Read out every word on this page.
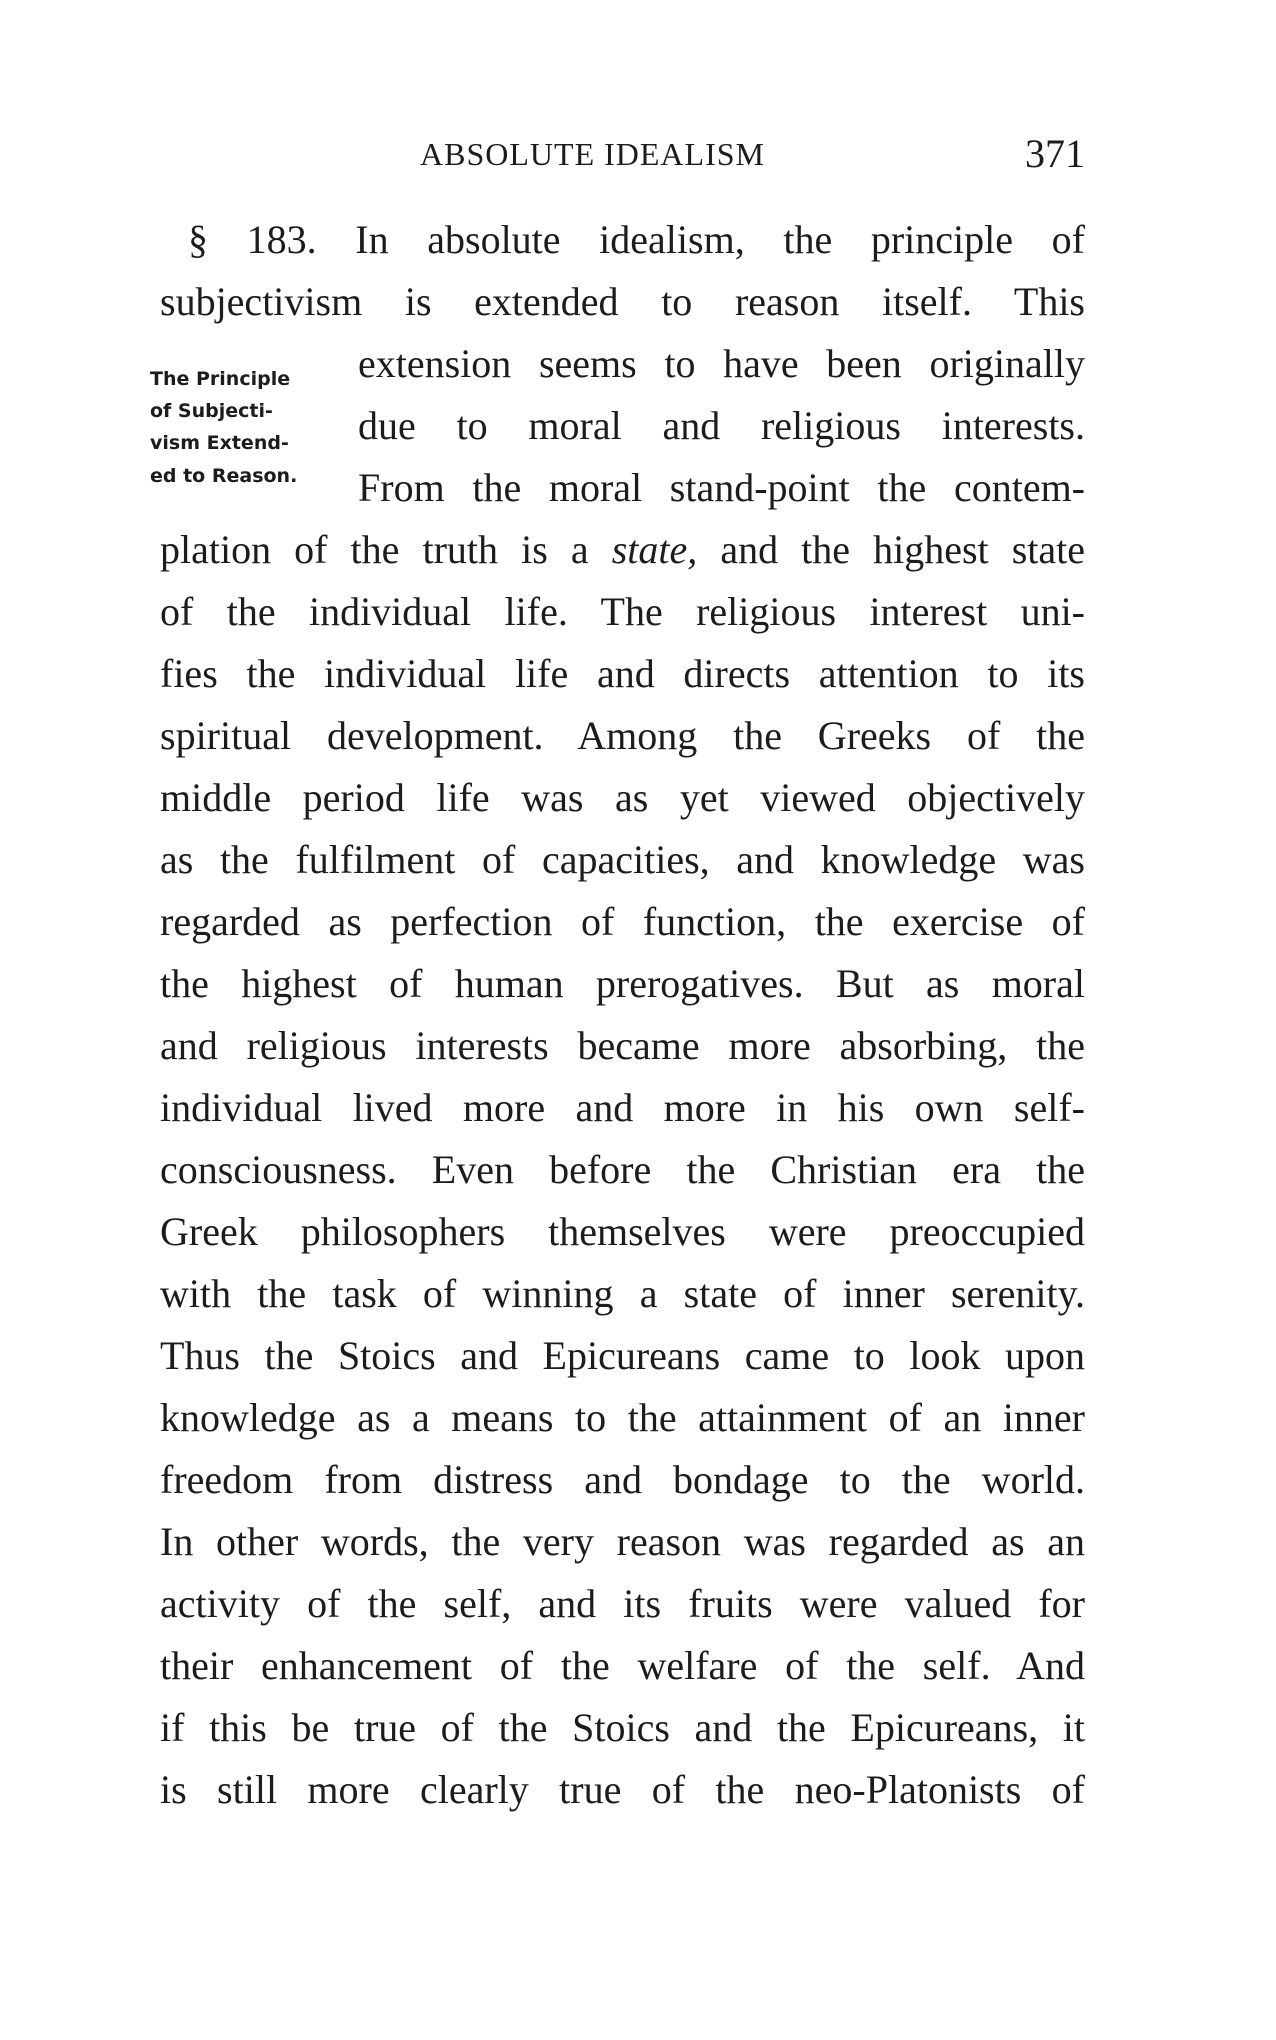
ABSOLUTE IDEALISM	371
The Principle
of Subjecti-
vism Extend-
ed to Reason.
§ 183. In absolute idealism, the principle of
subjectivism is extended to reason itself. This
extension seems to have been originally
due to moral and religious interests.
From the moral stand-point the contem-
plation of the truth is a state, and the highest state
of the individual life. The religious interest uni-
fies the individual life and directs attention to its
spiritual development. Among the Greeks of the
middle period life was as yet viewed objectively
as the fulfilment of capacities, and knowledge was
regarded as perfection of function, the exercise of
the highest of human prerogatives. But as moral
and religious interests became more absorbing, the
individual lived more and more in his own self-
consciousness. Even before the Christian era the
Greek philosophers themselves were preoccupied
with the task of winning a state of inner serenity.
Thus the Stoics and Epicureans came to look upon
knowledge as a means to the attainment of an inner
freedom from distress and bondage to the world.
In other words, the very reason was regarded as an
activity of the self, and its fruits were valued for
their enhancement of the welfare of the self. And
if this be true of the Stoics and the Epicureans, it
is still more clearly true of the neo-Platonists of
